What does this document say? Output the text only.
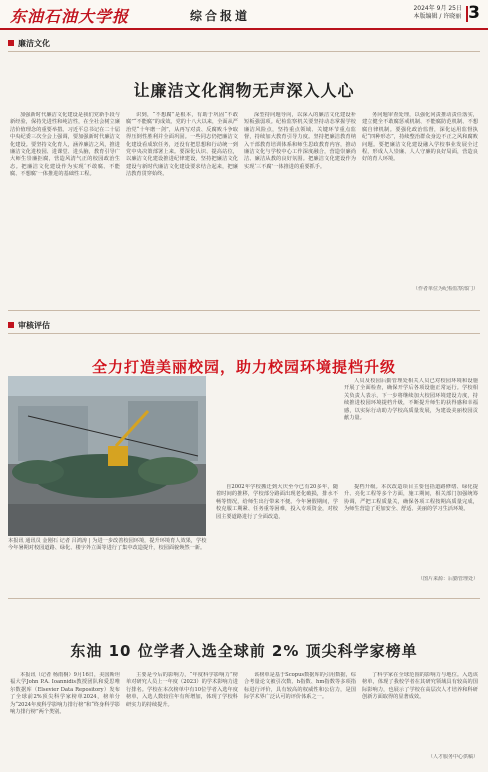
东油石油大学报	综合报道
2024年 9月 25日
本版编辑 / 许晓丽 3
廉洁文化
让廉洁文化润物无声深入人心

加强新时代廉洁文化建设是我们党新手段与新经验，保持先进性和纯洁性，在全社会树立廉洁价值理念的重要举措。习近平总书记在二十届中央纪委三次全会上强调，要加强新时代廉洁文化建设。要坚持文化育人，涵养廉洁之风，推进廉洁文化进校园、进课堂、进头脑，教育引导广大师生崇廉拒腐，营造风清气正的校园政治生态。把廉洁文化建设作为实现‘不敢腐、不能腐、不想腐’一体推进的基础性工程。

识到，“不想腐”是根本，有助于巩固“不敢腐”“不能腐”的成效。党的十八大以来，全面从严治党“十年磨一剑”，从再写对责、反腐败斗争取得压倒性胜利并全面巩固。一些同志仍把廉洁文化建设看成软任务，还没有把思想和行动统一到党中央决策部署上来。要深化认识、提高站位，以廉洁文化建设推进纪律建设，坚持把廉洁文化建设与新时代廉洁文化建设要求结合起来，把廉洁教育贯穿始终。

深型持问题导向，以深入的廉洁文化建设补短板强弱项。纪检监察机关要坚持动态掌握学校廉洁风险点，坚持重点领域、关键环节重点监督，持续加大教育引导力度。坚持把廉洁教育纳入干部教育培训体系和师生思政教育内容，推动廉洁文化与学校中心工作深度融合，营造崇廉尚洁、廉洁从教的良好氛围。把廉洁文化建设作为实现‘三不腐’一体推进的重要抓手。

务问题审查处理，以强化问责推动责任落实，建立健全不敢腐惩戒机制、不能腐防范机制、不想腐自律机制。要强化政治监督，深化运用监督执纪“四种形态”，持续整治群众身边不正之风和腐败问题。要把廉洁文化建设融入学校事业发展全过程，形成人人崇廉、人人守廉的良好局面，营造良好的育人环境。

（作者单位为纪检监察部门）
审核评估
全力打造美丽校园，助力校园环境提档升级
本报讯 通讯员 金刚石 记者 吕鸿涛 | 为进一步改善校园环境，提升环境育人效果，学校今年暑期对校园道路、绿化、楼宇外立面等进行了集中改造提升，校园面貌焕然一新。

自2002年学校搬迁到大庆至今已有20多年，随着时间的推移，学校部分路面出现老化破损，排水不畅等情况，给师生出行带来不便。今年暑假期间，学校克服工期紧、任务重等困难，投入专项资金，对校园主要道路进行了全面改造，

提档升级。本次改造项目主要包括道路修缮、绿化提升、亮化工程等多个方面，施工期间，相关部门加强统筹协调，严把工程质量关，确保各项工程按期高质量完成，为师生营造了更加安全、舒适、美丽的学习生活环境。

人员及校园后勤管理处相关人员已对校园环境和设施开展了全面检查，确保开学后各项设施正常运行。学校相关负责人表示，下一步将继续加大校园环境建设力度，持续推进校园环境提档升级，不断提升师生的获得感和幸福感，以实际行动助力学校高质量发展，为建设美丽校园贡献力量。

（图片来源：后勤管理处）
东油 10 位学者入选全球前 2% 顶尖科学家榜单

本报讯（记者 杨雨桐）9月16日，美国斯坦福大学John P.A. Ioannidis教授团队和爱思唯尔数据库（Elsevier Data Repository）发布了全球前2%顶尖科学家榜单2024，榜单分为“2024年度科学影响力排行榜”和“终身科学影响力排行榜”两个类别。

主要是今后的影响力，“年度科学影响力”榜单对研究人员上一年度（2023）的学术影响力进行排名。学校在本次榜单中有10位学者入选年度榜单，入选人数较往年有所增加，体现了学校科研实力的持续提升。

该榜单是基于Scopus数据库的引用数据，综合考量论文被引次数、h指数、hm指数等多项指标进行评价，具有较高的权威性和公信力，是国际学术界广泛认可的评价体系之一。

了科学家在全球范围的影响力与地位。入选该榜单，体现了我校学者在其研究领域具有较高的国际影响力，也展示了学校在高层次人才培养和科研创新方面取得的显著成效。

（人才服务中心供稿）
